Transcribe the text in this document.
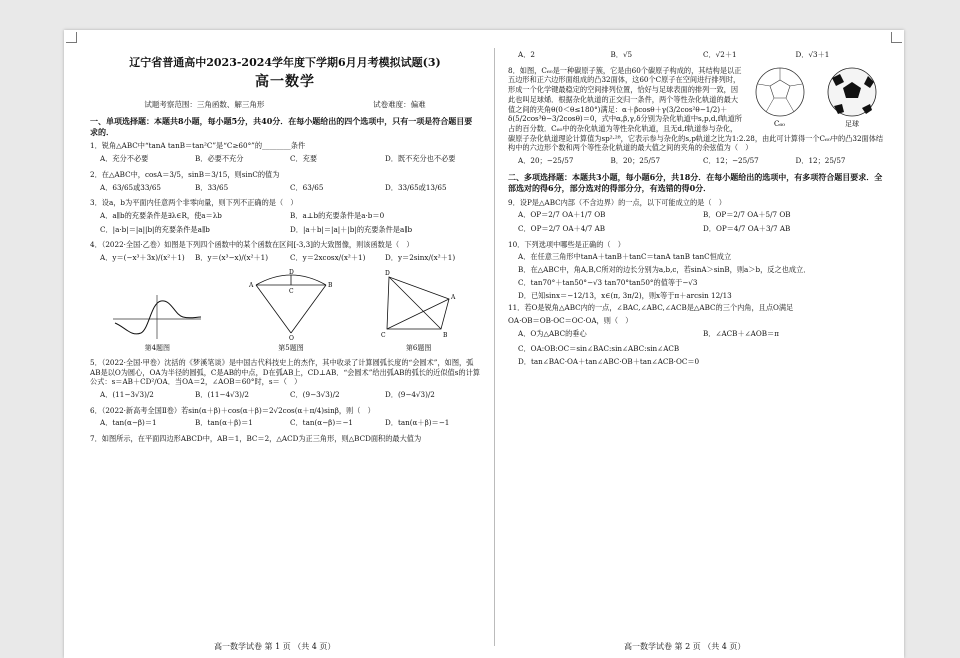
辽宁省普通高中2023-2024学年度下学期6月月考模拟试题(3)
高一数学
试题考察范围：三角函数、解三角形	试卷难度：偏难
一、单项选择题：本题共8小题，每小题5分，共40分．在每小题给出的四个选项中，只有一项是符合题目要求的．
1．锐角△ABC中“tanA tanB＝tan²C”是“C≥60°”的________条件
A．充分不必要	B．必要不充分	C．充要	D．既不充分也不必要
2．在△ABC中，cosA＝3/5，sinB＝3/15，则sinC的值为
A．63/65或33/65	B．33/65	C．63/65	D．33/65或13/65
3．设a，b为平面内任意两个非零向量，则下列不正确的是（　）
A．a∥b的充要条件是∃λ∈R，使a＝λb	B．a⊥b的充要条件是a·b＝0
C．|a·b|＝|a||b|的充要条件是a∥b	D．|a＋b|＝|a|＋|b|的充要条件是a∥b
4．（2022·全国·乙卷）如图是下列四个函数中的某个函数在区间[-3,3]的大致图像，则该函数是（　）
A．y＝(−x³＋3x)/(x²＋1)	B．y＝(x³−x)/(x²＋1)	C．y＝2xcosx/(x²＋1)	D．y＝2sinx/(x²＋1)
第4题图
A	B
C
D
O
第5题图
D
A
B
C
第6题图
5．（2022·全国·甲卷）沈括的《梦溪笔谈》是中国古代科技史上的杰作，其中收录了计算圆弧长度的“会圆术”，如图，弧AB是以O为圆心，OA为半径的圆弧，C是AB的中点，D在弧AB上，CD⊥AB．“会圆术”给出弧AB的弧长的近似值s的计算公式：s＝AB＋CD²/OA．当OA＝2，∠AOB＝60°时，s＝（　）
A．(11−3√3)/2	B．(11−4√3)/2	C．(9−3√3)/2	D．(9−4√3)/2
6．（2022·新高考全国Ⅱ卷）若sin(α＋β)＋cos(α＋β)＝2√2cos(α＋π/4)sinβ，则（　）
A．tan(α−β)＝1	B．tan(α＋β)＝1	C．tan(α−β)＝−1	D．tan(α＋β)＝−1
7．如图所示，在平面四边形ABCD中，AB＝1，BC＝2，△ACD为正三角形，则△BCD面积的最大值为
高一数学试卷 第 1 页 （共 4 页）
A．2	B．√5	C．√2＋1	D．√3＋1
C₆₀	足球
8．如图，C₆₀是一种碳原子簇，它是由60个碳原子构成的，其结构是以正五边形和正六边形面组成的凸32面体，这60个C原子在空间进行排列时，形成一个化学键最稳定的空间排列位置，恰好与足球表面的排列一致，因此也叫足球烯．根据杂化轨道的正交归一条件，两个等性杂化轨道的最大值之间的夹角θ(0＜θ≤180°)满足：α＋βcosθ＋γ(3/2cos²θ−1/2)＋δ(5/2cos³θ−3/2cosθ)＝0，式中α,β,γ,δ分别为杂化轨道中s,p,d,f轨道所占的百分数．C₆₀中的杂化轨道为等性杂化轨道，且无d,f轨道参与杂化，碳原子杂化轨道理论计算值为sp²·²⁸，它表示参与杂化的s,p轨道之比为1:2.28，由此可计算得一个C₆₀中的凸32面体结构中的六边形个数和两个等性杂化轨道的最大值之间的夹角的余弦值为（　）
A．20；−25/57	B．20；25/57	C．12；−25/57	D．12；25/57
二、多项选择题：本题共3小题，每小题6分，共18分．在每小题给出的选项中，有多项符合题目要求．全部选对的得6分，部分选对的得部分分，有选错的得0分．
9．设P是△ABC内部（不含边界）的一点，以下可能成立的是（　）
A．OP＝2/7 OA＋1/7 OB	B．OP＝2/7 OA＋5/7 OB
C．OP＝2/7 OA＋4/7 AB	D．OP＝4/7 OA＋3/7 AB
10．下列选项中哪些是正确的（　）
A．在任意三角形中tanA＋tanB＋tanC＝tanA tanB tanC恒成立
B．在△ABC中，角A,B,C所对的边长分别为a,b,c，若sinA＞sinB，则a＞b，反之也成立．
C．tan70°＋tan50°−√3 tan70°tan50°的值等于−√3
D．已知sinx＝−12/13，x∈(π, 3π/2)，则x等于π＋arcsin 12/13
11．若O是锐角△ABC内的一点，∠BAC,∠ABC,∠ACB是△ABC的三个内角，且点O满足
OA·OB＝OB·OC＝OC·OA，则（　）
A．O为△ABC的垂心	B．∠ACB＋∠AOB＝π
C．OA:OB:OC＝sin∠BAC:sin∠ABC:sin∠ACB
D．tan∠BAC·OA＋tan∠ABC·OB＋tan∠ACB·OC＝0
高一数学试卷 第 2 页 （共 4 页）
